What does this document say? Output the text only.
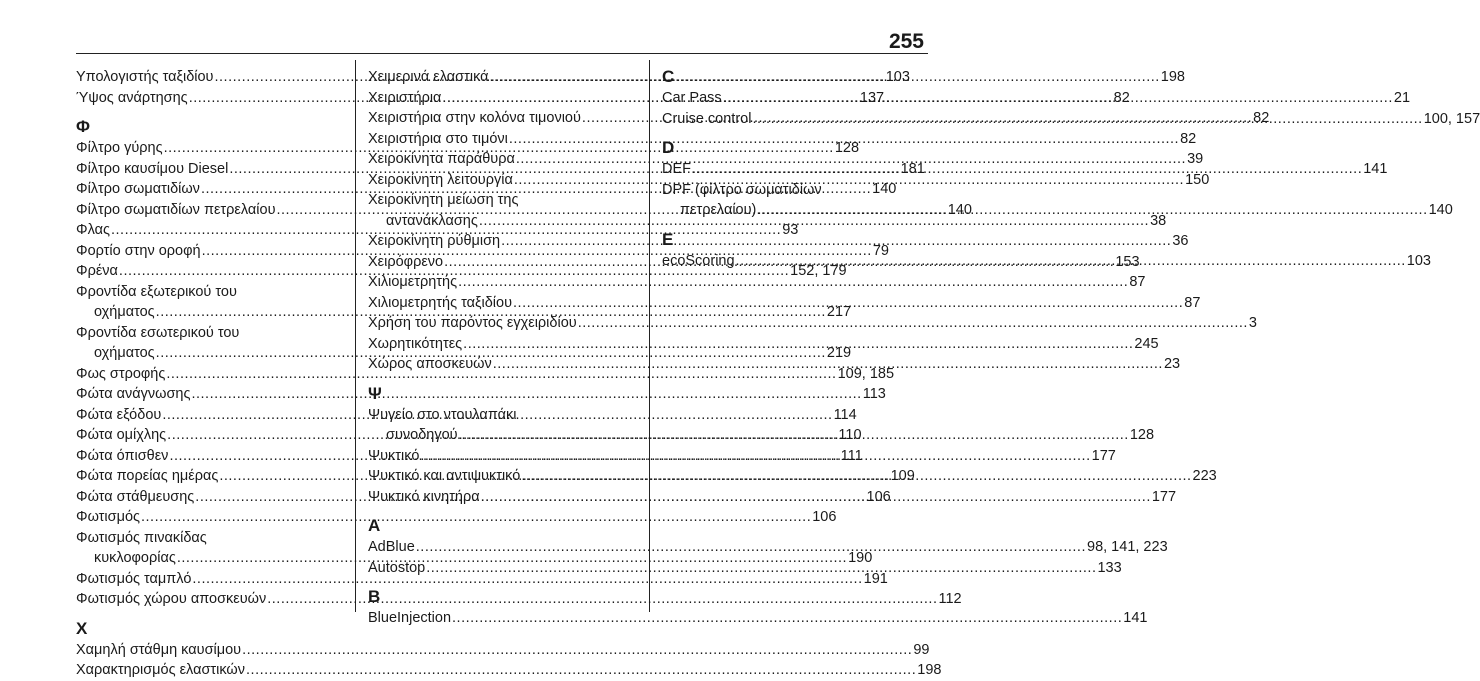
255
Υπολογιστής ταξιδίου .....	103
Ύψος ανάρτησης .....	137
Φ
Φίλτρο γύρης .....	128
Φίλτρο καυσίμου Diesel .....	181
Φίλτρο σωματιδίων .....	140
Φίλτρο σωματιδίων πετρελαίου .....	140
Φλας .....	93
Φορτίο στην οροφή .....	79
Φρένα .....	152, 179
Φροντίδα εξωτερικού του
οχήματος .....	217
Φροντίδα εσωτερικού του
οχήματος .....	219
Φως στροφής .....	109, 185
Φώτα ανάγνωσης .....	113
Φώτα εξόδου .....	114
Φώτα ομίχλης .....	110
Φώτα όπισθεν .....	111
Φώτα πορείας ημέρας .....	109
Φώτα στάθμευσης .....	106
Φωτισμός .....	106
Φωτισμός πινακίδας
κυκλοφορίας .....	190
Φωτισμός ταμπλό .....	191
Φωτισμός χώρου αποσκευών .....	112
Χ
Χαμηλή στάθμη καυσίμου .....	99
Χαρακτηρισμός ελαστικών .....	198
Χειμερινά ελαστικά .....	198
Χειριστήρια .....	82
Χειριστήρια στην κολόνα τιμονιού .....	82
Χειριστήρια στο τιμόνι .....	82
Χειροκίνητα παράθυρα .....	39
Χειροκίνητη λειτουργία .....	150
Χειροκίνητη μείωση της
αντανάκλασης .....	38
Χειροκίνητη ρύθμιση .....	36
Χειρόφρενο .....	153
Χιλιομετρητής .....	87
Χιλιομετρητής ταξιδίου .....	87
Χρήση του παρόντος εγχειριδίου .....	3
Χωρητικότητες .....	245
Χώρος αποσκευών .....	23
Ψ
Ψυγείο στο ντουλαπάκι
συνοδηγού .....	128
Ψυκτικό .....	177
Ψυκτικό και αντιψυκτικό .....	223
Ψυκτικό κινητήρα .....	177
A
AdBlue .....	98, 141, 223
Autostop .....	133
B
BlueInjection .....	141
C
Car Pass .....	21
Cruise control .....	100, 157
D
DEF .....	141
DPF (φίλτρο σωματιδίων
πετρελαίου) .....	140
E
ecoScoring .....	103
